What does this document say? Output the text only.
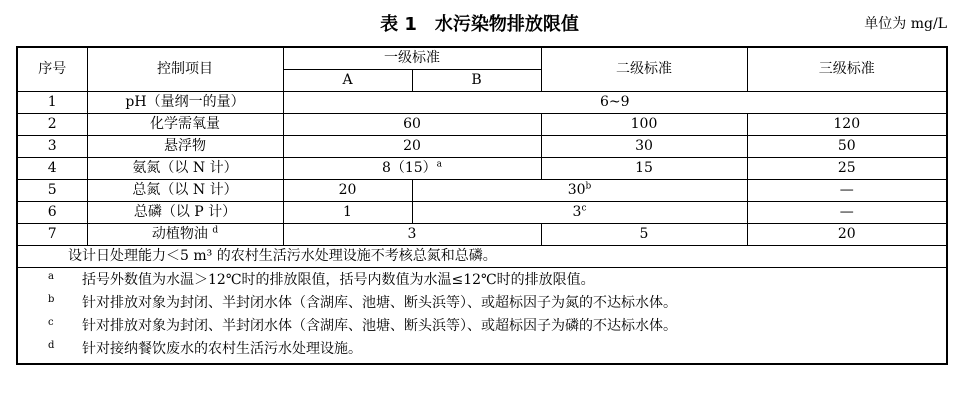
表 1　水污染物排放限值	单位为 mg/L
序号	控制项目	一级标准		二级标准	三级标准
		A	B		
1	pH（量纲一的量）	6~9			
2	化学需氧量	60		100	120
3	悬浮物	20		30	50
4	氨氮（以 N 计）	$8(15)^a$		15	25
5	总氮（以 N 计）	20	30$^b$		—
6	总磷（以 P 计）	1	3$^c$		—
7	动植物油 $^d$	3		5	20
设计日处理能力＜5 m³ 的农村生活污水处理设施不考核总氮和总磷。					

a 括号外数值为水温＞12℃时的排放限值，括号内数值为水温≤12℃时的排放限值。
b 针对排放对象为封闭、半封闭水体（含湖库、池塘、断头浜等）、或超标因子为氮的不达标水体。
c 针对排放对象为封闭、半封闭水体（含湖库、池塘、断头浜等）、或超标因子为磷的不达标水体。
d 针对接纳餐饮废水的农村生活污水处理设施。					
